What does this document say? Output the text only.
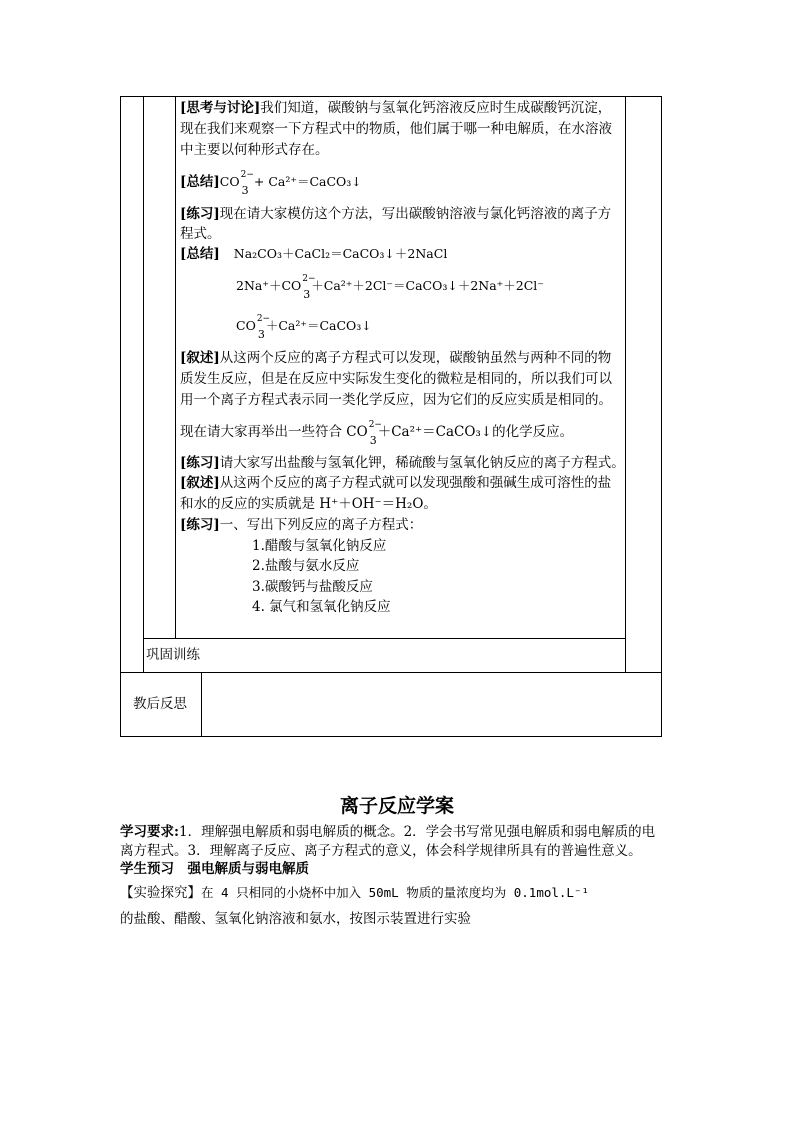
[思考与讨论]我们知道，碳酸钠与氢氧化钙溶液反应时生成碳酸钙沉淀，
现在我们来观察一下方程式中的物质，他们属于哪一种电解质，在水溶液
中主要以何种形式存在。
[总结]CO 2−
3
+ Ca²⁺＝CaCO₃↓
[练习]现在请大家模仿这个方法，写出碳酸钠溶液与氯化钙溶液的离子方
程式。
[总结] Na₂CO₃＋CaCl₂＝CaCO₃↓＋2NaCl
2Na⁺＋CO 2−
3
＋Ca²⁺＋2Cl⁻＝CaCO₃↓＋2Na⁺＋2Cl⁻
CO 2−
3
＋Ca²⁺＝CaCO₃↓
[叙述]从这两个反应的离子方程式可以发现，碳酸钠虽然与两种不同的物
质发生反应，但是在反应中实际发生变化的微粒是相同的，所以我们可以
用一个离子方程式表示同一类化学反应，因为它们的反应实质是相同的。
现在请大家再举出一些符合 CO 2−
3 ＋Ca²⁺＝CaCO₃↓的化学反应。
[练习]请大家写出盐酸与氢氧化钾，稀硫酸与氢氧化钠反应的离子方程式。
[叙述]从这两个反应的离子方程式就可以发现强酸和强碱生成可溶性的盐
和水的反应的实质就是 H⁺＋OH⁻＝H₂O。
[练习]一、写出下列反应的离子方程式：
1.醋酸与氢氧化钠反应
2.盐酸与氨水反应
3.碳酸钙与盐酸反应
4. 氯气和氢氧化钠反应
巩固训练
教后反思
离子反应学案
学习要求:1．理解强电解质和弱电解质的概念。2．学会书写常见强电解质和弱电解质的电
离方程式。3．理解离子反应、离子方程式的意义，体会科学规律所具有的普遍性意义。
学生预习　强电解质与弱电解质
【实验探究】在 4 只相同的小烧杯中加入 50mL 物质的量浓度均为 0.1mol.L⁻¹
的盐酸、醋酸、氢氧化钠溶液和氨水，按图示装置进行实验
